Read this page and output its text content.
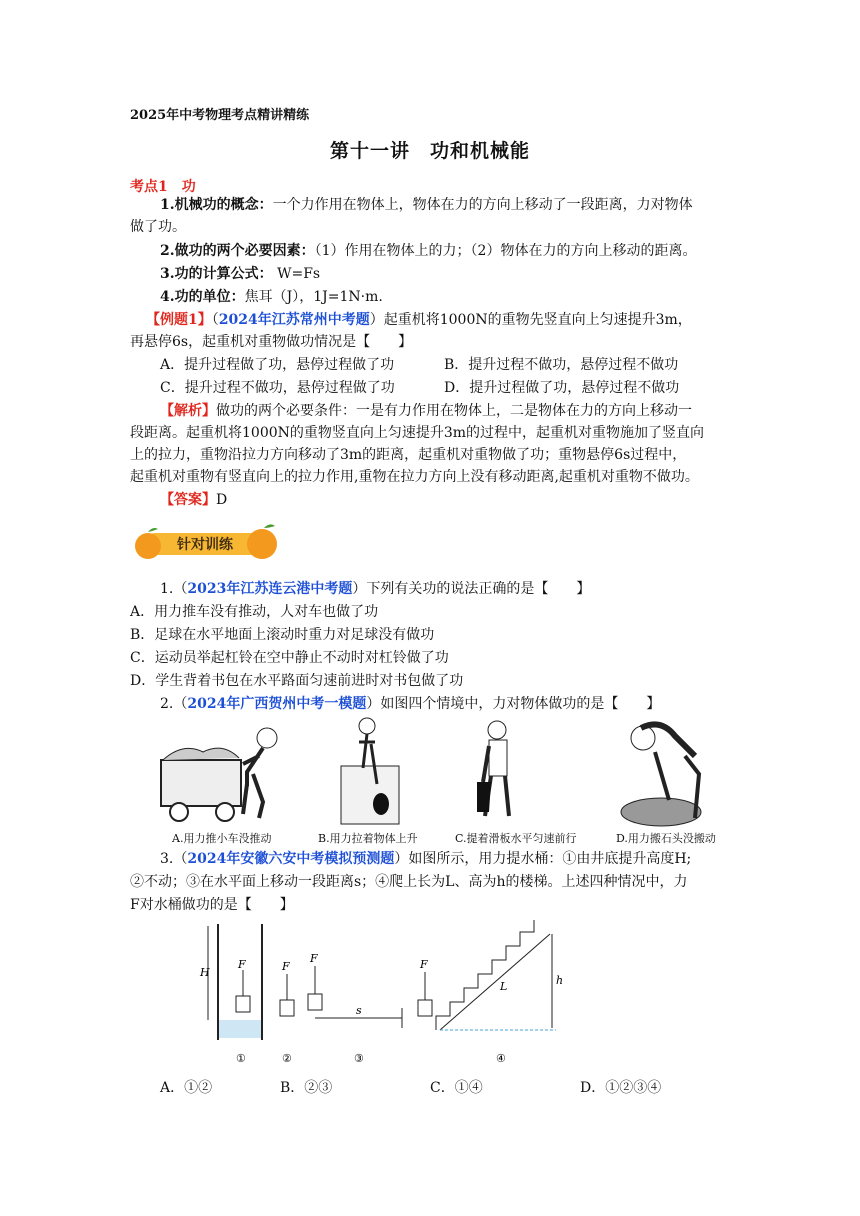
2025年中考物理考点精讲精练
第十一讲　功和机械能
考点1　功
1.机械功的概念：一个力作用在物体上，物体在力的方向上移动了一段距离，力对物体
做了功。
2.做功的两个必要因素：（1）作用在物体上的力；（2）物体在力的方向上移动的距离。
3.功的计算公式： W=Fs
4.功的单位：焦耳（J），1J=1N·m.
【例题1】（2024年江苏常州中考题）起重机将1000N的重物先竖直向上匀速提升3m，
再悬停6s，起重机对重物做功情况是【　　】
A．提升过程做了功，悬停过程做了功	B．提升过程不做功，悬停过程不做功
C．提升过程不做功，悬停过程做了功	D．提升过程做了功，悬停过程不做功
【解析】做功的两个必要条件：一是有力作用在物体上，二是物体在力的方向上移动一
段距离。起重机将1000N的重物竖直向上匀速提升3m的过程中，起重机对重物施加了竖直向
上的拉力，重物沿拉力方向移动了3m的距离，起重机对重物做了功；重物悬停6s过程中，
起重机对重物有竖直向上的拉力作用,重物在拉力方向上没有移动距离,起重机对重物不做功。
【答案】D
针对训练
1.（2023年江苏连云港中考题）下列有关功的说法正确的是【　　】
A．用力推车没有推动，人对车也做了功
B．足球在水平地面上滚动时重力对足球没有做功
C．运动员举起杠铃在空中静止不动时对杠铃做了功
D．学生背着书包在水平路面匀速前进时对书包做了功
2.（2024年广西贺州中考一模题）如图四个情境中，力对物体做功的是【　　】
A.用力推小车没推动	B.用力拉着物体上升	C.提着滑板水平匀速前行	D.用力搬石头没搬动
3.（2024年安徽六安中考模拟预测题）如图所示，用力提水桶：①由井底提升高度H;
②不动；③在水平面上移动一段距离s；④爬上长为L、高为h的楼梯。上述四种情况中，力
F对水桶做功的是【　　】
H
F	F
F
s
F
L	h
①	②	③	④
A．①②	B．②③	C．①④	D．①②③④
